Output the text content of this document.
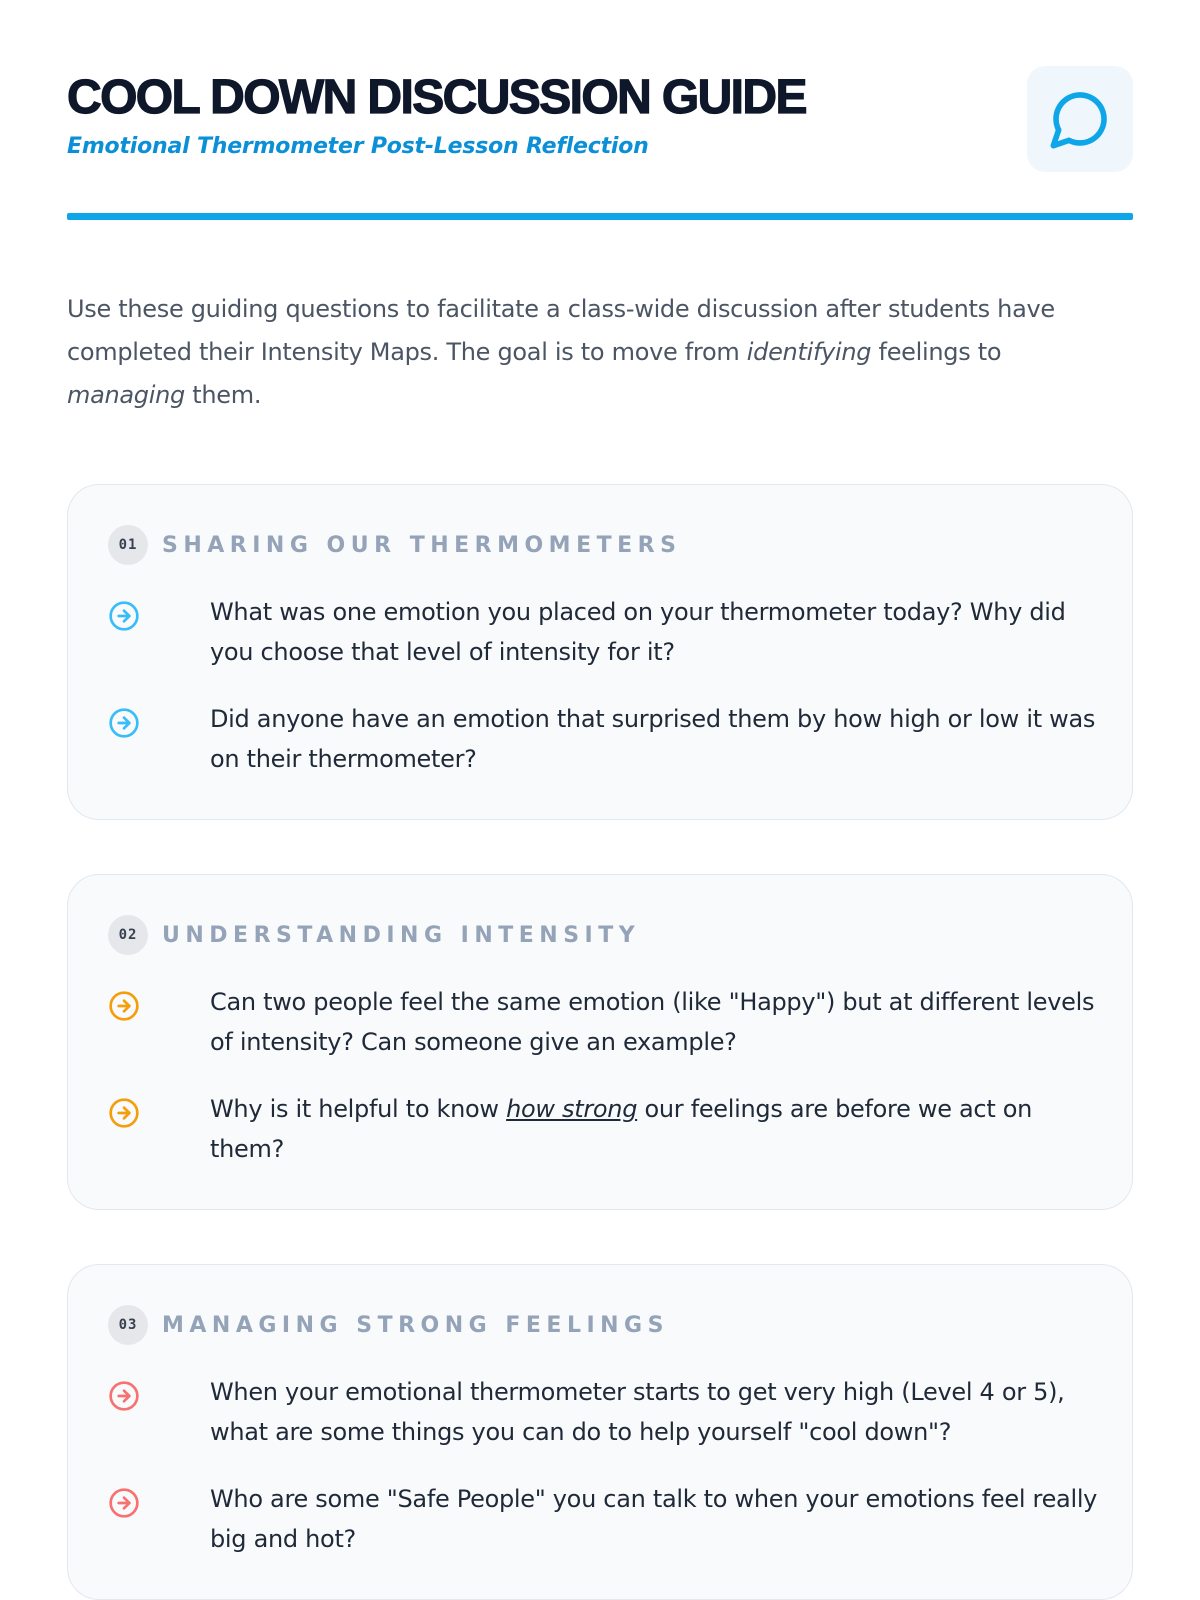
COOL DOWN DISCUSSION GUIDE
Emotional Thermometer Post-Lesson Reflection

Use these guiding questions to facilitate a class-wide discussion after students have completed their Intensity Maps. The goal is to move from identifying feelings to managing them.

01	SHARING OUR THERMOMETERS
What was one emotion you placed on your thermometer today? Why did you choose that level of intensity for it?
Did anyone have an emotion that surprised them by how high or low it was on their thermometer?
02	UNDERSTANDING INTENSITY
Can two people feel the same emotion (like "Happy") but at different levels of intensity? Can someone give an example?
Why is it helpful to know how strong our feelings are before we act on them?
03	MANAGING STRONG FEELINGS
When your emotional thermometer starts to get very high (Level 4 or 5), what are some things you can do to help yourself "cool down"?
Who are some "Safe People" you can talk to when your emotions feel really big and hot?
